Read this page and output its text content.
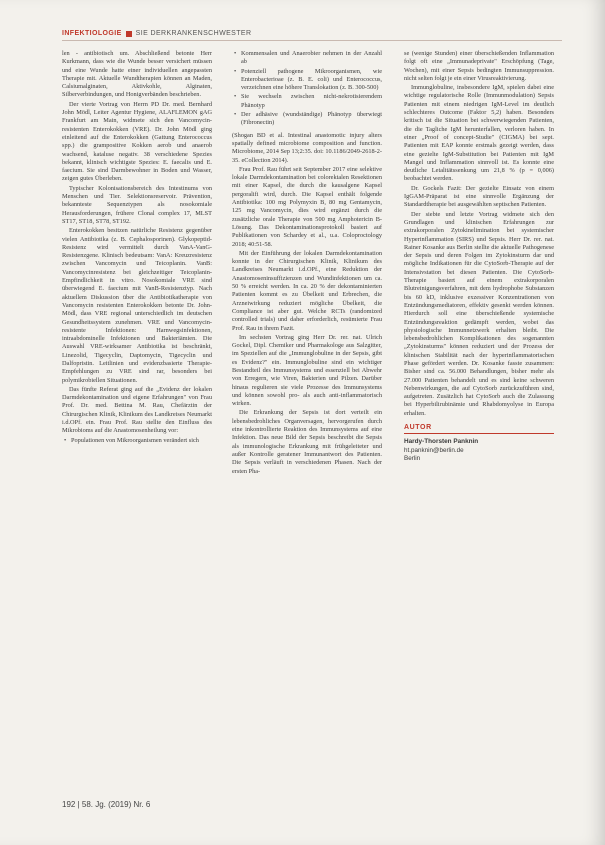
INFEKTIOLOGIE SIE DERKRANKENSCHWESTER

len - antibiotisch um. Abschließend betonte Herr Kurkmann, dass wie die Wunde besser versichert müssen und eine Wunde hatte einer individuellen angepassten Therapie mit. Aktuelle Wundtherapien können an Maden, Calsiumalginaten, Aktivkohle, Alginaten, Silberverbindungen, und Honigverbänden beschrieben.

Der vierte Vortrag von Herrn PD Dr. med. Bernhard John Mödl, Leiter Agentur Hygiene, ALAFLEMON gAG Frankfurt am Main, widmete sich den Vancomycin-resistenten Enterokokken (VRE). Dr. John Mödl ging einleitend auf die Enterokokken (Gattung Enterococcus spp.) die grampositive Kokken aerob und anaerob wachsend, kataluse negativ. 38 verschiedene Spezies bekannt, klinisch wichtigste Spezies: E. faecalis und E. faecium. Sie sind Darmbewohner in Boden und Wasser, zeigen gutes Überleben.

Typischer Kolonisationsbereich des Intestinums von Menschen und Tier. Selektionsreservoir. Prävention, bekannteste Sequenztypen als nosokomiale Herausforderungen, frühere Clonal complex 17, MLST ST17, ST18, ST78, ST192.

Enterokokken besitzen natürliche Resistenz gegenüber vielen Antibiotika (z. B. Cephalosporinen). Glykopeptid-Resistenz wird vermittelt durch VanA-VanG-Resistenzgene. Klinisch bedeutsam: VanA: Kreuzresistenz zwischen Vancomycin und Teicoplanin. VanB: Vancomycinresistenz bei gleichzeitiger Teicoplanin-Empfindlichkeit in vitro. Nosokomiale VRE sind überwiegend E. faecium mit VanB-Resistenztyp. Nach aktuellem Diskussion über die Antibiotikatherapie von Vancomycin resistenten Enterokokken betonte Dr. John-Mödl, dass VRE regional unterschiedlich im deutschen Gesundheitssystem zunehmen. VRE und Vancomycin-resistente Infektionen: Harnwegsinfektionen, intraabdominelle Infektionen und Bakteriämien. Die Auswahl VRE-wirksamer Antibiotika ist beschränkt, Linezolid, Tigecyclin, Daptomycin, Tigecyclin und Dalfopristin. Leitlinien und evidenzbasierte Therapie-Empfehlungen zu VRE sind rar, besonders bei polymikrobiellen Situationen.

Das fünfte Referat ging auf die „Evidenz der lokalen Darmdekontamination und eigene Erfahrungen" von Frau Prof. Dr. med. Bettina M. Rau, Chefärztin der Chirurgischen Klinik, Klinikum des Landkreises Neumarkt i.d.OPf. ein. Frau Prof. Rau stellte den Einfluss des Mikrobioms auf die Anastomosenheilung vor:

• Populationen von Mikroorganismen verändert sich
• Kommensalen und Anaerobier nehmen in der Anzahl ab
• Potenziell pathogene Mikroorganismen, wie Enterobacterioae (z. B. E. coli) und Enterococcus, verzeichnen eine höhere Translokation (z. B. 300-500)
• Sie wechseln zwischen nicht-nekrotisierendem Phänotyp
• Der adhäsive (wundständige) Phänotyp überwiegt (Fibronectin)

(Shogan BD et al. Intestinal anastomotic injury alters spatially defined microbiome composition and function. Microbiome, 2014 Sep 13;2:35. doi: 10.1186/2049-2618-2-35. eCollection 2014).

Frau Prof. Rau führt seit September 2017 eine selektive lokale Darmdekontamination bei colorektalen Resektionen mit einer Kapsel, die durch die kausalgene Kapsel pergoralifi wird, durch. Die Kapsel enthält folgende Antibiotika: 100 mg Polymyxin B, 80 mg Gentamycin, 125 mg Vancomycin, dies wird ergänzt durch die zusätzliche orale Therapie von 500 mg Amphotericin B-Lösung. Das Dekontaminationsprotokoll basiert auf Publikationen von Schardey et al., u.a. Coloproctology 2018; 40:51-58.

Mit der Einführung der lokalen Darmdekontamination konnte in der Chirurgischen Klinik, Klinikum des Landkreises Neumarkt i.d.OPf., eine Reduktion der Anastomoseninsuffizienzen und Wundinfektionen um ca. 50 % erreicht werden. In ca. 20 % der dekontaminierten Patienten kommt es zu Übelkeit und Erbrechen, die Arzneiwirkung reduziert mögliche Übelkeit, die Compliance ist aber gut. Welche RCTs (randomized controlled trials) und daher erforderlich, resümierte Frau Prof. Rau in ihrem Fazit.

Im sechsten Vortrag ging Herr Dr. rer. nat. Ulrich Gockel, Dipl. Chemiker und Pharmakologe aus Salzgitter, im Speziellen auf die „Immunglobuline in der Sepsis, gibt es Evidenz?" ein. Immunglobuline sind ein wichtiger Bestandteil des Immunsystems und essenziell bei Abwehr von Erregern, wie Viren, Bakterien und Pilzen. Darüber hinaus regulieren sie viele Prozesse des Immunsystems und können sowohl pro- als auch anti-inflammatorisch wirken.

Die Erkrankung der Sepsis ist dort verteilt ein lebensbedrohliches Organversagen, hervorgerufen durch eine inkontrollierte Reaktion des Immunsystems auf eine Infektion. Das neue Bild der Sepsis beschreibt die Sepsis als immunologische Erkrankung mit frühgeleiteter und außer Kontrolle geratener Immunantwort des Patienten. Die Sepsis verläuft in verschiedenen Phasen. Nach der ersten Pha-

se (wenige Stunden) einer überschießenden Inflammation folgt oft eine „Immunadeprivate" Erschöpfung (Tage, Wochen), mit einer Sepsis bedingten Immunsuppression. nicht selten folgt je ein einer Virusreaktivierung.

Immunglobuline, insbesondere IgM, spielen dabei eine wichtige regulatorische Rolle (Immunmodulation) Sepsis Patienten mit einem niedrigen IgM-Level im deutlich schlechteres Outcome (Faktor 5,2) haben. Besonders kritisch ist die Situation bei schwerwiegenden Patienten, die die Tagliche IgM herunterfallen, verloren haben. In einer „Proof of concept-Studie" (CIGMA) bei sept. Patienten mit EAP konnte erstmals gezeigt werden, dass eine gezielte IgM-Substitution bei Patienten mit IgM Mangel und Inflammation sinnvoll ist. Es konnte eine deutliche Letalitätssenkung um 21,8 % (p = 0,006) beobachtet werden.

Dr. Gockels Fazit: Der gezielte Einsatz von einem IgGAM-Präparat ist eine sinnvolle Ergänzung der Standardtherapie bei ausgewählten septischen Patienten.

Der siebte und letzte Vortrag widmete sich den Grundlagen und klinischen Erfahrungen zur extrakorporalen Zytokinelimination bei systemischer Hyperinflammation (SIRS) und Sepsis. Herr Dr. rer. nat. Rainer Kosanke aus Berlin stellte die aktuelle Pathogenese der Sepsis und deren Folgen im Zytokinsturm dar und mögliche Indikationen für die CytoSorb-Therapie auf der Intensivstation bei diesen Patienten. Die CytoSorb-Therapie basiert auf einem extrakorporalen Blutreinigungsverfahren, mit dem hydrophobe Substanzen bis 60 kD, inklusive exzessiver Konzentrationen von Entzündungsmediatoren, effektiv gesenkt werden können. Hierdurch soll eine überschießende systemische Entzündungsreaktion gedämpft werden, wobei das physiologische Immunnetzwerk erhalten bleibt. Die lebensbedrohlichen Komplikationen des sogenannten „Zytokinsturms" können reduziert und der Prozess der klinischen Stabilität nach der hyperinflammatorischen Phase gefördert werden. Dr. Kosanke fasste zusammen: Bisher sind ca. 56.000 Behandlungen, bisher mehr als 27.000 Patienten behandelt und es sind keine schweren Nebenwirkungen, die auf CytoSorb zurückzuführen sind, aufgetreten. Zusätzlich hat CytoSorb auch die Zulassung bei Hyperbilirubinämie und Rhabdomyolyse in Europa erhalten.

AUTOR
Hardy-Thorsten Panknin
ht.panknin@berlin.de
Berlin
192 | 58. Jg. (2019) Nr. 6
